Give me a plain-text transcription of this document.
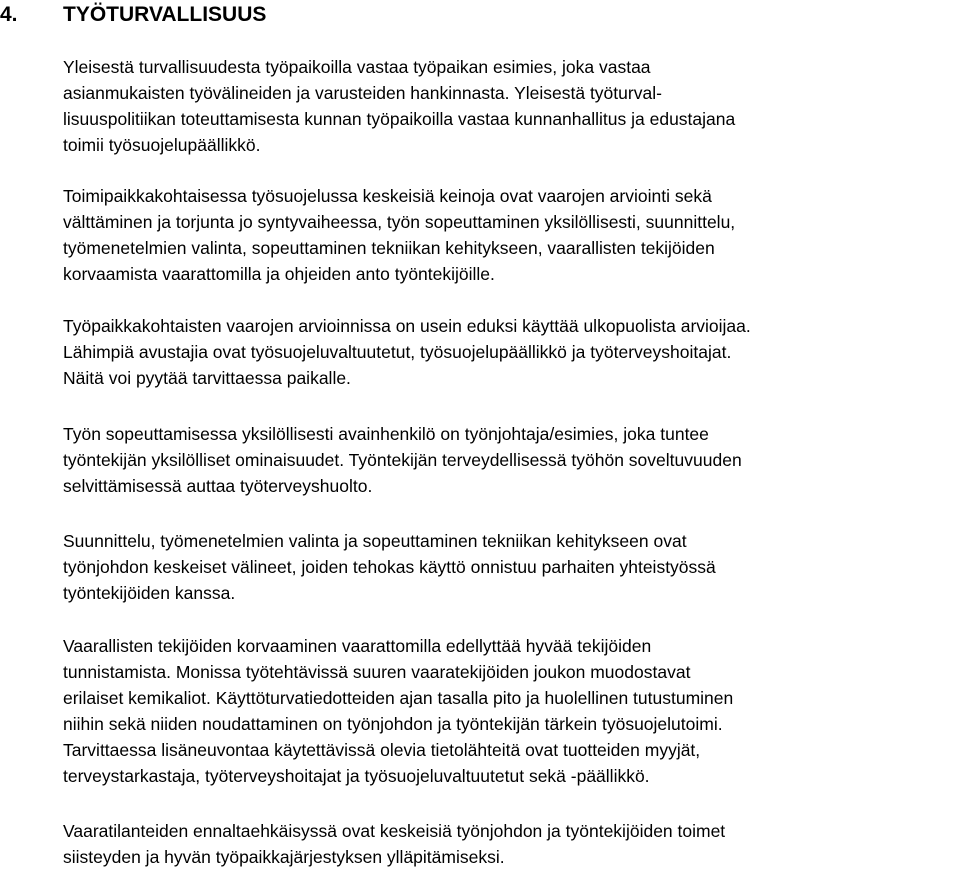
4. TYÖTURVALLISUUS

Yleisestä turvallisuudesta työpaikoilla vastaa työpaikan esimies, joka vastaa
asianmukaisten työvälineiden ja varusteiden hankinnasta. Yleisestä työturval-
lisuuspolitiikan toteuttamisesta kunnan työpaikoilla vastaa kunnanhallitus ja edustajana
toimii työsuojelupäällikkö.

Toimipaikkakohtaisessa työsuojelussa keskeisiä keinoja ovat vaarojen arviointi sekä
välttäminen ja torjunta jo syntyvaiheessa, työn sopeuttaminen yksilöllisesti, suunnittelu,
työmenetelmien valinta, sopeuttaminen tekniikan kehitykseen, vaarallisten tekijöiden
korvaamista vaarattomilla ja ohjeiden anto työntekijöille.

Työpaikkakohtaisten vaarojen arvioinnissa on usein eduksi käyttää ulkopuolista arvioijaa.
Lähimpiä avustajia ovat työsuojeluvaltuutetut, työsuojelupäällikkö ja työterveyshoitajat.
Näitä voi pyytää tarvittaessa paikalle.

Työn sopeuttamisessa yksilöllisesti avainhenkilö on työnjohtaja/esimies, joka tuntee
työntekijän yksilölliset ominaisuudet. Työntekijän terveydellisessä työhön soveltuvuuden
selvittämisessä auttaa työterveyshuolto.

Suunnittelu, työmenetelmien valinta ja sopeuttaminen tekniikan kehitykseen ovat
työnjohdon keskeiset välineet, joiden tehokas käyttö onnistuu parhaiten yhteistyössä
työntekijöiden kanssa.

Vaarallisten tekijöiden korvaaminen vaarattomilla edellyttää hyvää tekijöiden
tunnistamista. Monissa työtehtävissä suuren vaaratekijöiden joukon muodostavat
erilaiset kemikaliot. Käyttöturvatiedotteiden ajan tasalla pito ja huolellinen tutustuminen
niihin sekä niiden noudattaminen on työnjohdon ja työntekijän tärkein työsuojelutoimi.
Tarvittaessa lisäneuvontaa käytettävissä olevia tietolähteitä ovat tuotteiden myyjät,
terveystarkastaja, työterveyshoitajat ja työsuojeluvaltuutetut sekä -päällikkö.

Vaaratilanteiden ennaltaehkäisyssä ovat keskeisiä työnjohdon ja työntekijöiden toimet
siisteyden ja hyvän työpaikkajärjestyksen ylläpitämiseksi.
